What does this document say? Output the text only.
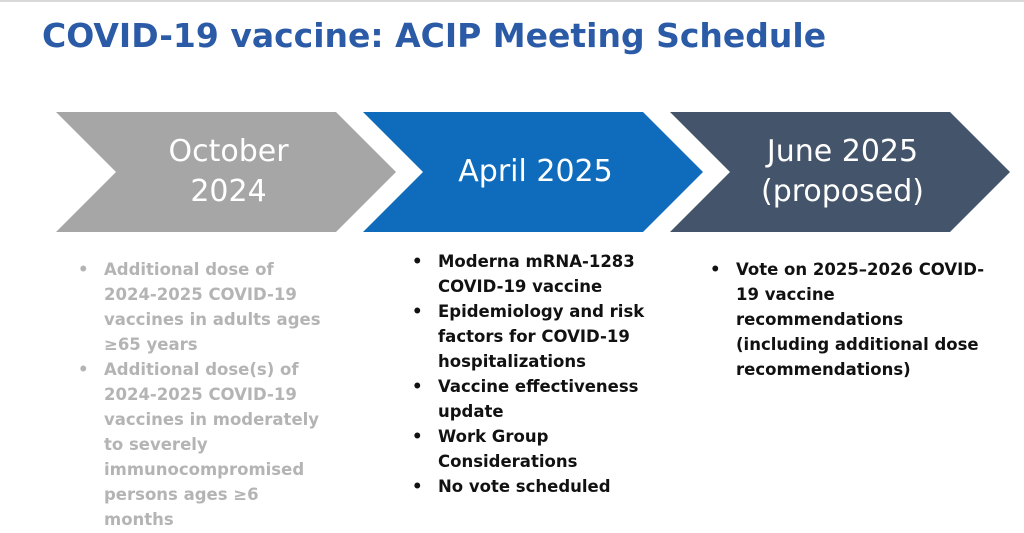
COVID-19 vaccine: ACIP Meeting Schedule
October
2024
April 2025
June 2025
(proposed)
• Additional dose of 2024-2025 COVID-19 vaccines in adults ages ≥65 years
• Additional dose(s) of 2024-2025 COVID-19 vaccines in moderately to severely immunocompromised persons ages ≥6 months
• Moderna mRNA-1283 COVID-19 vaccine
• Epidemiology and risk factors for COVID-19 hospitalizations
• Vaccine effectiveness update
• Work Group Considerations
• No vote scheduled
• Vote on 2025–2026 COVID-19 vaccine recommendations (including additional dose recommendations)
